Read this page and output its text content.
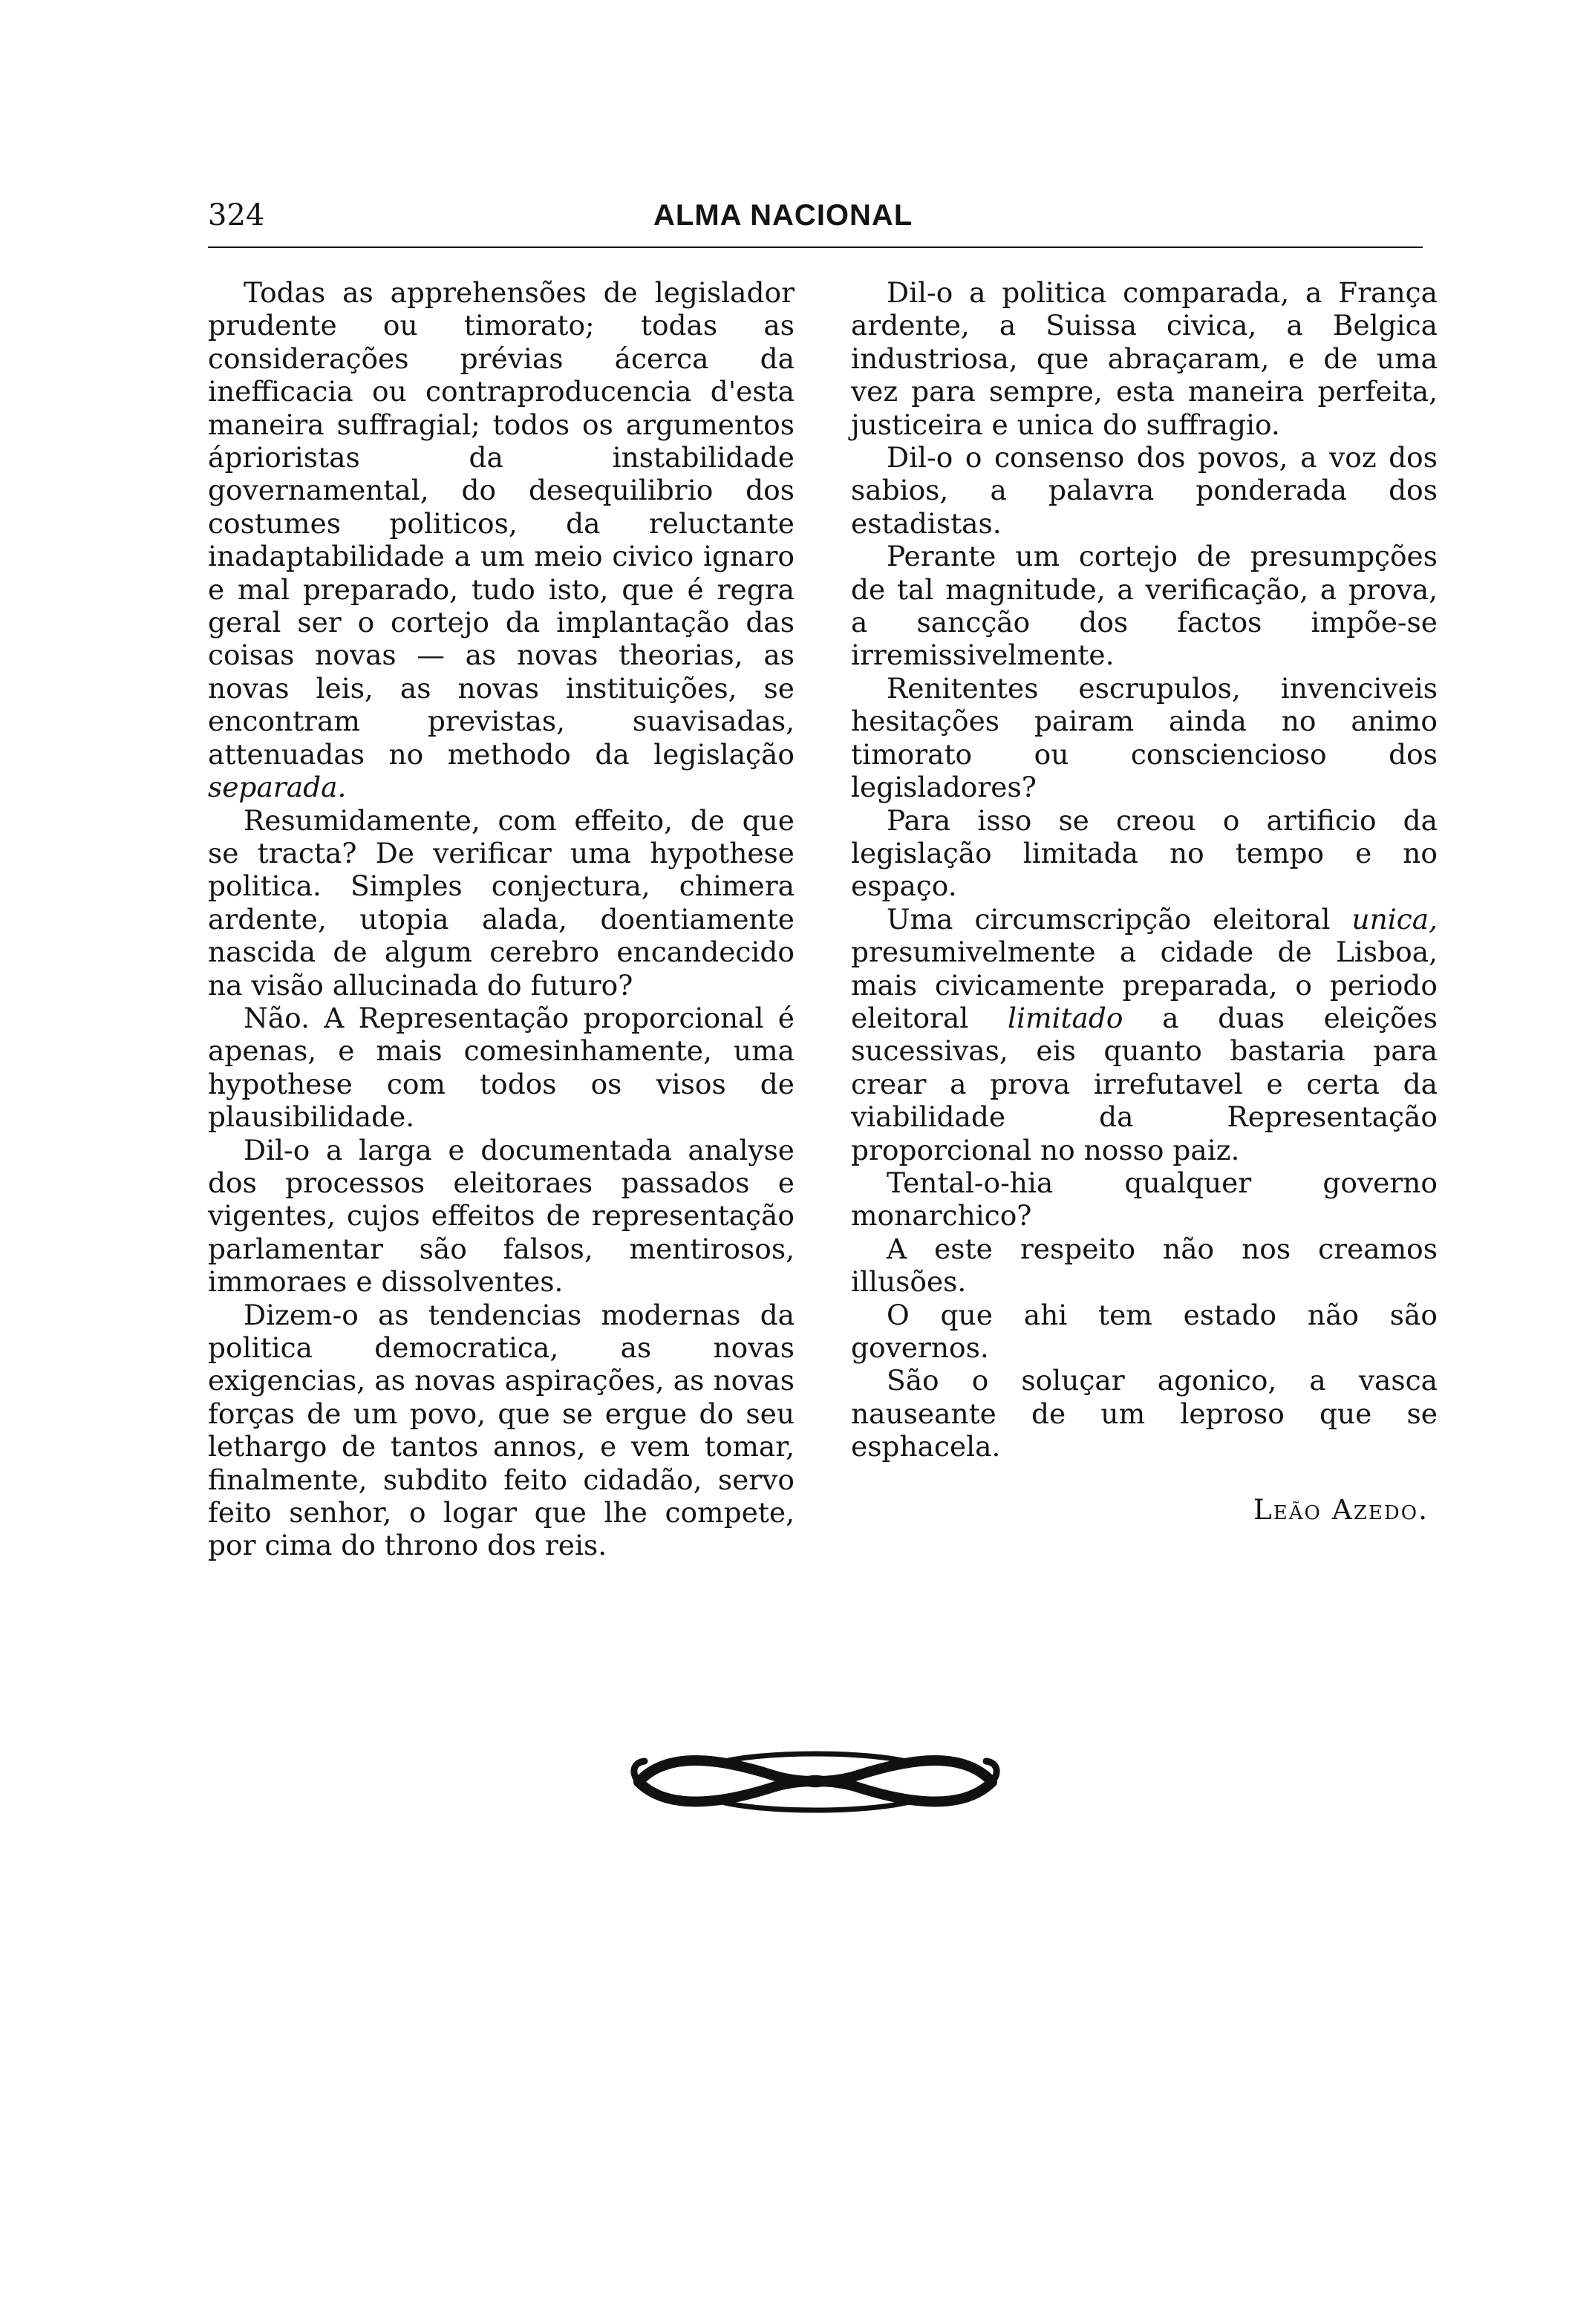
324	ALMA NACIONAL

Todas as apprehensões de legislador prudente ou timorato; todas as considerações prévias ácerca da inefficacia ou contraproducencia d'esta maneira suffragial; todos os argumentos áprioristas da instabilidade governamental, do desequilibrio dos costumes politicos, da reluctante inadaptabilidade a um meio civico ignaro e mal preparado, tudo isto, que é regra geral ser o cortejo da implantação das coisas novas — as novas theorias, as novas leis, as novas instituições, se encontram previstas, suavisadas, attenuadas no methodo da legislação separada.

Resumidamente, com effeito, de que se tracta? De verificar uma hypothese politica. Simples conjectura, chimera ardente, utopia alada, doentiamente nascida de algum cerebro encandecido na visão allucinada do futuro?

Não. A Representação proporcional é apenas, e mais comesinhamente, uma hypothese com todos os visos de plausibilidade.

Dil-o a larga e documentada analyse dos processos eleitoraes passados e vigentes, cujos effeitos de representação parlamentar são falsos, mentirosos, immoraes e dissolventes.

Dizem-o as tendencias modernas da politica democratica, as novas exigencias, as novas aspirações, as novas forças de um povo, que se ergue do seu lethargo de tantos annos, e vem tomar, finalmente, subdito feito cidadão, servo feito senhor, o logar que lhe compete, por cima do throno dos reis.

Dil-o a politica comparada, a França ardente, a Suissa civica, a Belgica industriosa, que abraçaram, e de uma vez para sempre, esta maneira perfeita, justiceira e unica do suffragio.

Dil-o o consenso dos povos, a voz dos sabios, a palavra ponderada dos estadistas.

Perante um cortejo de presumpções de tal magnitude, a verificação, a prova, a sancção dos factos impõe-se irremissivelmente.

Renitentes escrupulos, invenciveis hesitações pairam ainda no animo timorato ou consciencioso dos legisladores?

Para isso se creou o artificio da legislação limitada no tempo e no espaço.

Uma circumscripção eleitoral unica, presumivelmente a cidade de Lisboa, mais civicamente preparada, o periodo eleitoral limitado a duas eleições sucessivas, eis quanto bastaria para crear a prova irrefutavel e certa da viabilidade da Representação proporcional no nosso paiz.

Tental-o-hia qualquer governo monarchico?

A este respeito não nos creamos illusões.

O que ahi tem estado não são governos.

São o soluçar agonico, a vasca nauseante de um leproso que se esphacela.

Leão Azedo.
